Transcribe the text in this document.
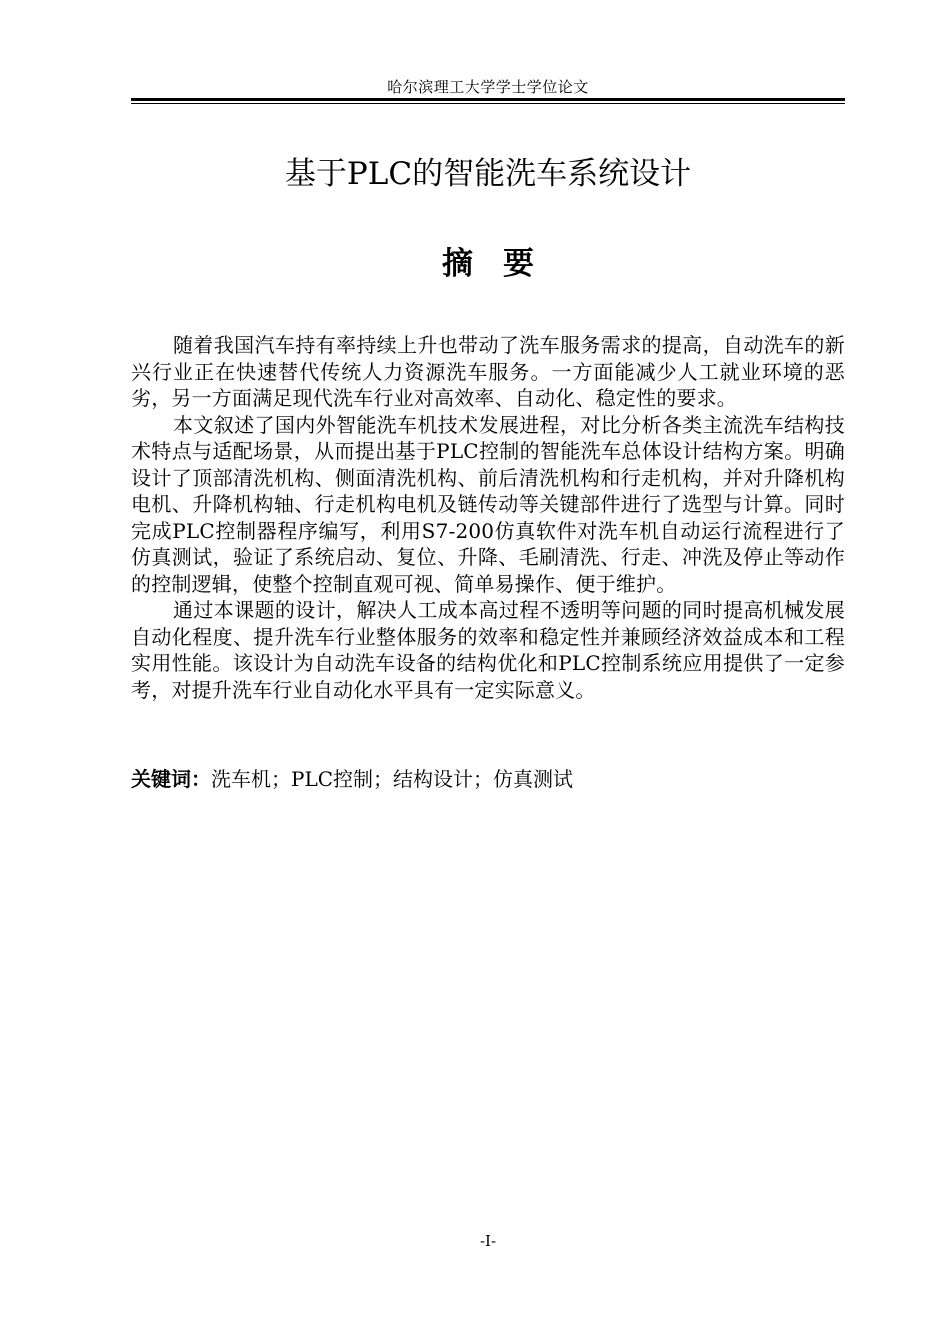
哈尔滨理工大学学士学位论文
基于PLC的智能洗车系统设计
摘要

随着我国汽车持有率持续上升也带动了洗车服务需求的提高，自动洗车的新兴行业正在快速替代传统人力资源洗车服务。一方面能减少人工就业环境的恶劣，另一方面满足现代洗车行业对高效率、自动化、稳定性的要求。

本文叙述了国内外智能洗车机技术发展进程，对比分析各类主流洗车结构技术特点与适配场景，从而提出基于PLC控制的智能洗车总体设计结构方案。明确设计了顶部清洗机构、侧面清洗机构、前后清洗机构和行走机构，并对升降机构电机、升降机构轴、行走机构电机及链传动等关键部件进行了选型与计算。同时完成PLC控制器程序编写，利用S7-200仿真软件对洗车机自动运行流程进行了仿真测试，验证了系统启动、复位、升降、毛刷清洗、行走、冲洗及停止等动作的控制逻辑，使整个控制直观可视、简单易操作、便于维护。

通过本课题的设计，解决人工成本高过程不透明等问题的同时提高机械发展自动化程度、提升洗车行业整体服务的效率和稳定性并兼顾经济效益成本和工程实用性能。该设计为自动洗车设备的结构优化和PLC控制系统应用提供了一定参考，对提升洗车行业自动化水平具有一定实际意义。

关键词：洗车机；PLC控制；结构设计；仿真测试
-I-
